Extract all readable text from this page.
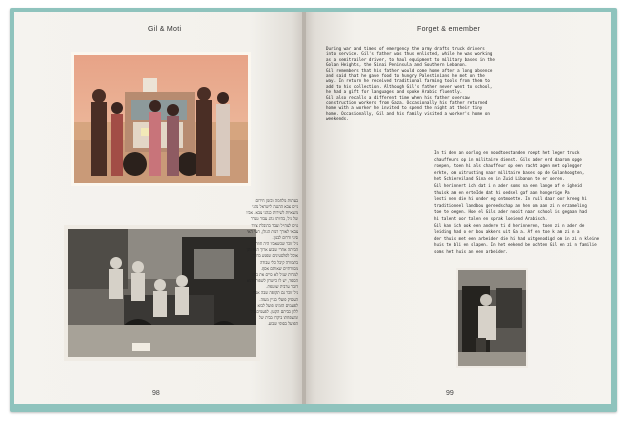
Gil & Moti
98
Forget & emember

During war and times of emergency the army drafts truck drivers into service. Gil's father was thus enlisted, while he was working as a semitrailer driver, to haul equipment to military bases in the Golan Heights, the Sinai Peninsula and Southern Lebanon.

Gil remembers that his father would come home after a long absence and said that he gave food to hungry Palestinians he met on the way. In return he received traditional farming tools from them to add to his collection. Although Gil's father never went to school, he had a gift for languages and spoke Arabic fluently.

Gil also recalls a different time when his father oversaw construction workers from Gaza. Occasionally his father returned home with a worker he invited to spend the night at their tiny home. Occasionally, Gil and his family visited a worker's home on weekends.

In ti den an oorlog en noodtoestanden roept het leger truck
chauffeurs op in militaire dienst. Gils ader erd daarom opge
roepen, toen hi als chauffeur op een racht agen met oplegger
erkte, om uitrusting naar militaire bases op de Golanhoogten,
het Schiereiland Sina en in Zuid Libanon te er oeren.
Gil herinnert ich dat i n ader soms na een lange af e igheid
thuisk am en erteIde dat hi oedsel gaf aan hongerige Pa
lesti nen die hi onder eg ontmoette. In ruil daar oor kreeg hi
traditioneel landbou gereedschap an hen om aan zi n erzameling
toe te oegen. Hoe el Gils ader nooit naar school is gegaan had
hi talent oor talen en sprak loeiend Arabisch.
Gil kan ich ook een andere ti d herinneren, toen zi n ader de
leiding had o er bou akkers uit Ga a. Af en toe k am zi n a
der thuis met een arbeider die hi had uitgenodigd om in zi n kleine
huis te bli en slapen. In het eekend be ochten Gil en zi n familie
soms het huis an een arbeider.
99

בעתות מלחמה ובזמן חירום

גייס צבא ההגנה לישראל נהגי

משאיות לשירות כנהגי צבא. אביו

של גיל, בהיותו נהג עבור טנדר

גויס לצה"ל ועבד בהובלת ציוד

צבאי לאורך רמת הגולן, חצי האי

סיני ודרום לבנון.

גיל זוכר שכשאביו היה חוזר

הביתה אחרי שבוע ארוך הוא נתן

אוכל לפלסטינים שפגש בדרך.

בתמורה קיבל כלי עבודה

מסורתיים שאותם אסף.

למרות שגיל לא סיים את בית

הספר, יש לו כישרון לשפות והוא

דובר ערבית שוטפת.

גיל זוכר גם תקופה שבה אביו

העסיק פועלי בניין מעזה.

לפעמים הזמינו פועל לבוא

ללון בביתם הקטן. לפעמים גיל

ומשפחתו ביקרו בבית של

הפועל בסופי שבוע.
